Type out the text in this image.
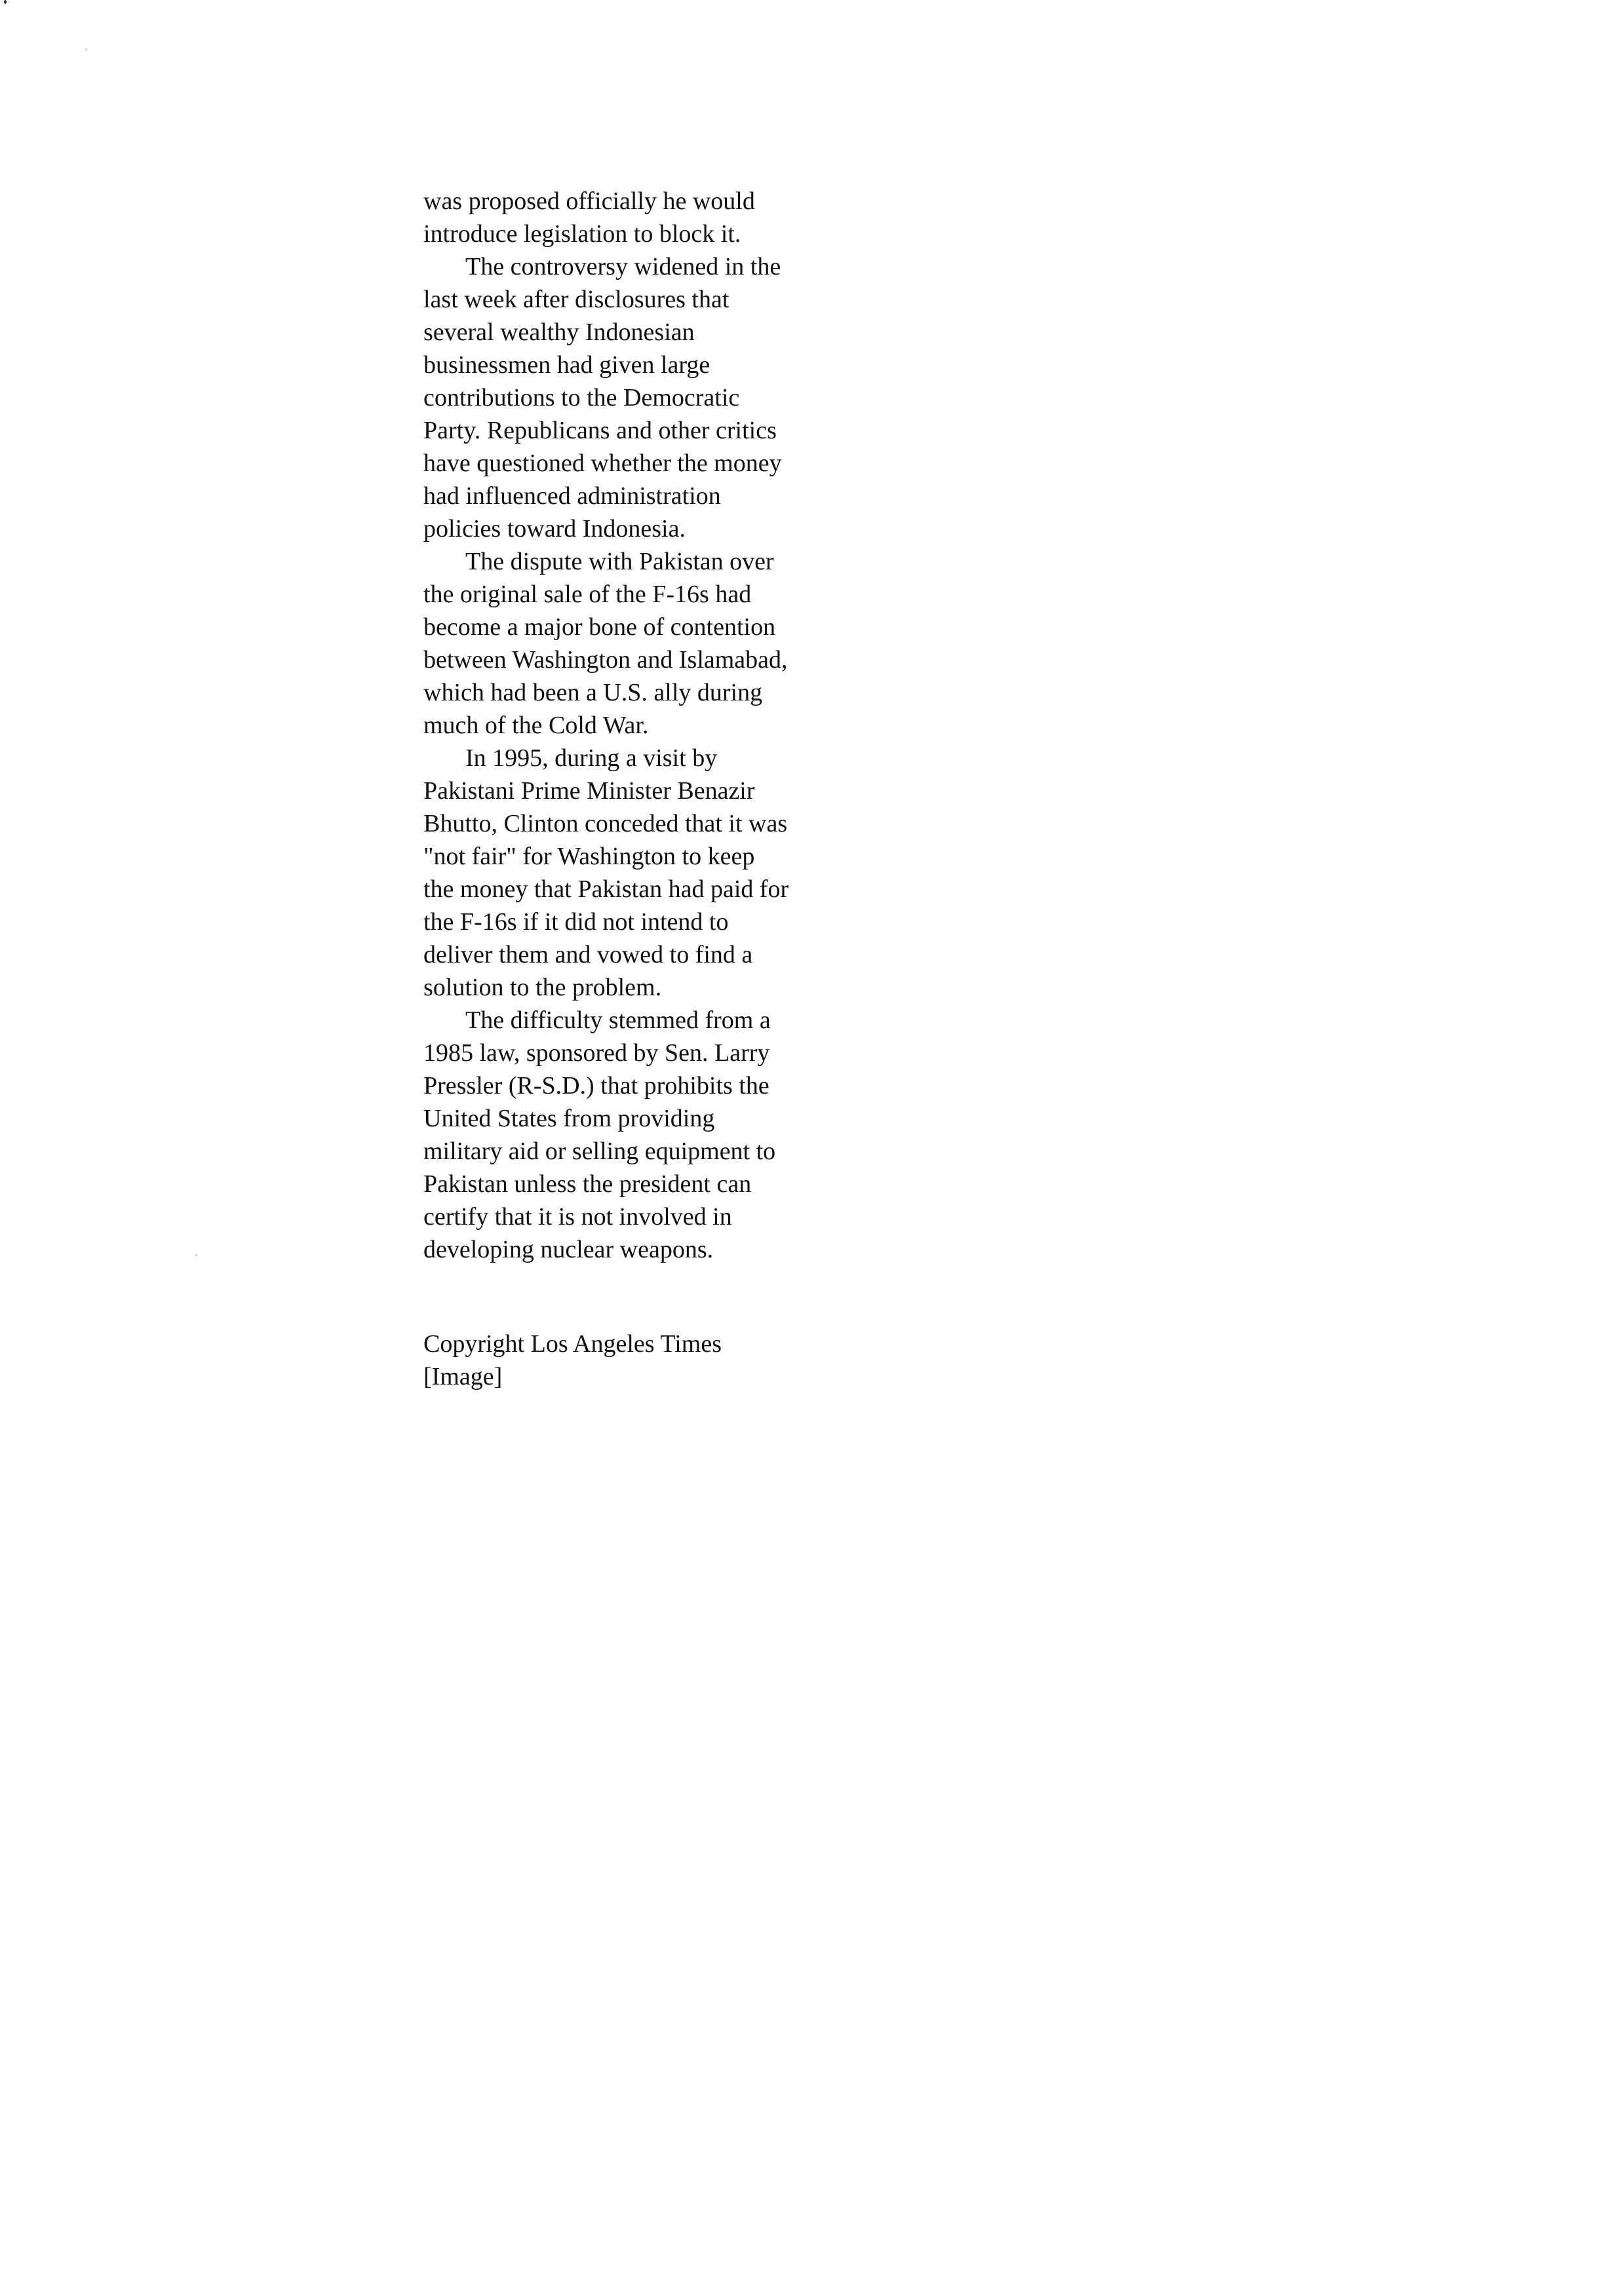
was proposed officially he would
introduce legislation to block it.
The controversy widened in the
last week after disclosures that
several wealthy Indonesian
businessmen had given large
contributions to the Democratic
Party. Republicans and other critics
have questioned whether the money
had influenced administration
policies toward Indonesia.
The dispute with Pakistan over
the original sale of the F-16s had
become a major bone of contention
between Washington and Islamabad,
which had been a U.S. ally during
much of the Cold War.
In 1995, during a visit by
Pakistani Prime Minister Benazir
Bhutto, Clinton conceded that it was
"not fair" for Washington to keep
the money that Pakistan had paid for
the F-16s if it did not intend to
deliver them and vowed to find a
solution to the problem.
The difficulty stemmed from a
1985 law, sponsored by Sen. Larry
Pressler (R-S.D.) that prohibits the
United States from providing
military aid or selling equipment to
Pakistan unless the president can
certify that it is not involved in
developing nuclear weapons.
Copyright Los Angeles Times
[Image]
